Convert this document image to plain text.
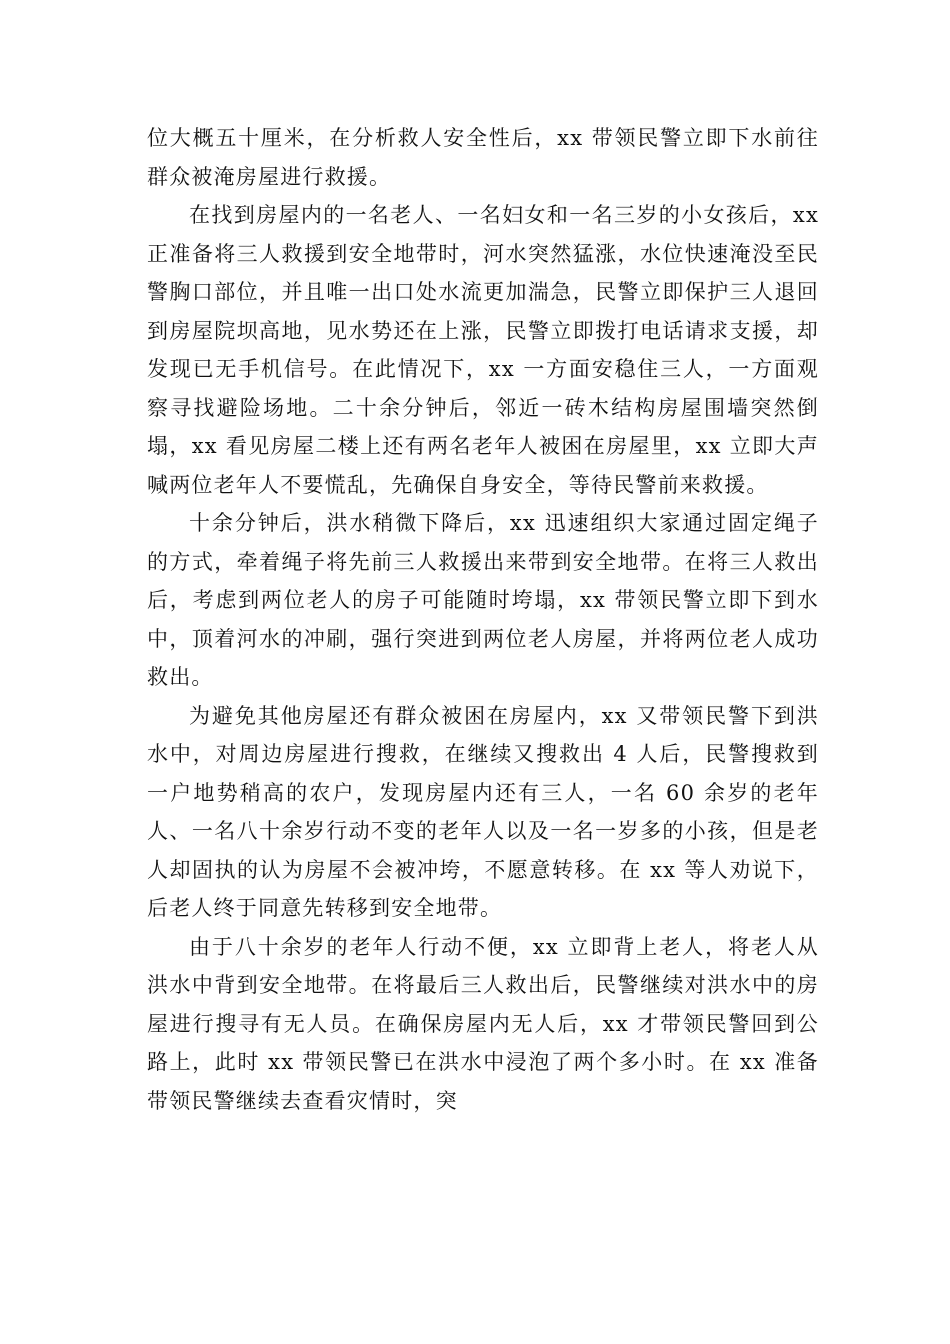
位大概五十厘米，在分析救人安全性后，xx 带领民警立即下水前往群众被淹房屋进行救援。

在找到房屋内的一名老人、一名妇女和一名三岁的小女孩后，xx 正准备将三人救援到安全地带时，河水突然猛涨，水位快速淹没至民警胸口部位，并且唯一出口处水流更加湍急，民警立即保护三人退回到房屋院坝高地，见水势还在上涨，民警立即拨打电话请求支援，却发现已无手机信号。在此情况下，xx 一方面安稳住三人，一方面观察寻找避险场地。二十余分钟后，邻近一砖木结构房屋围墙突然倒塌，xx 看见房屋二楼上还有两名老年人被困在房屋里，xx 立即大声喊两位老年人不要慌乱，先确保自身安全，等待民警前来救援。

十余分钟后，洪水稍微下降后，xx 迅速组织大家通过固定绳子的方式，牵着绳子将先前三人救援出来带到安全地带。在将三人救出后，考虑到两位老人的房子可能随时垮塌，xx 带领民警立即下到水中，顶着河水的冲刷，强行突进到两位老人房屋，并将两位老人成功救出。

为避免其他房屋还有群众被困在房屋内，xx 又带领民警下到洪水中，对周边房屋进行搜救，在继续又搜救出 4 人后，民警搜救到一户地势稍高的农户，发现房屋内还有三人，一名 60 余岁的老年人、一名八十余岁行动不变的老年人以及一名一岁多的小孩，但是老人却固执的认为房屋不会被冲垮，不愿意转移。在 xx 等人劝说下，后老人终于同意先转移到安全地带。

由于八十余岁的老年人行动不便，xx 立即背上老人，将老人从洪水中背到安全地带。在将最后三人救出后，民警继续对洪水中的房屋进行搜寻有无人员。在确保房屋内无人后，xx 才带领民警回到公路上，此时 xx 带领民警已在洪水中浸泡了两个多小时。在 xx 准备带领民警继续去查看灾情时，突
